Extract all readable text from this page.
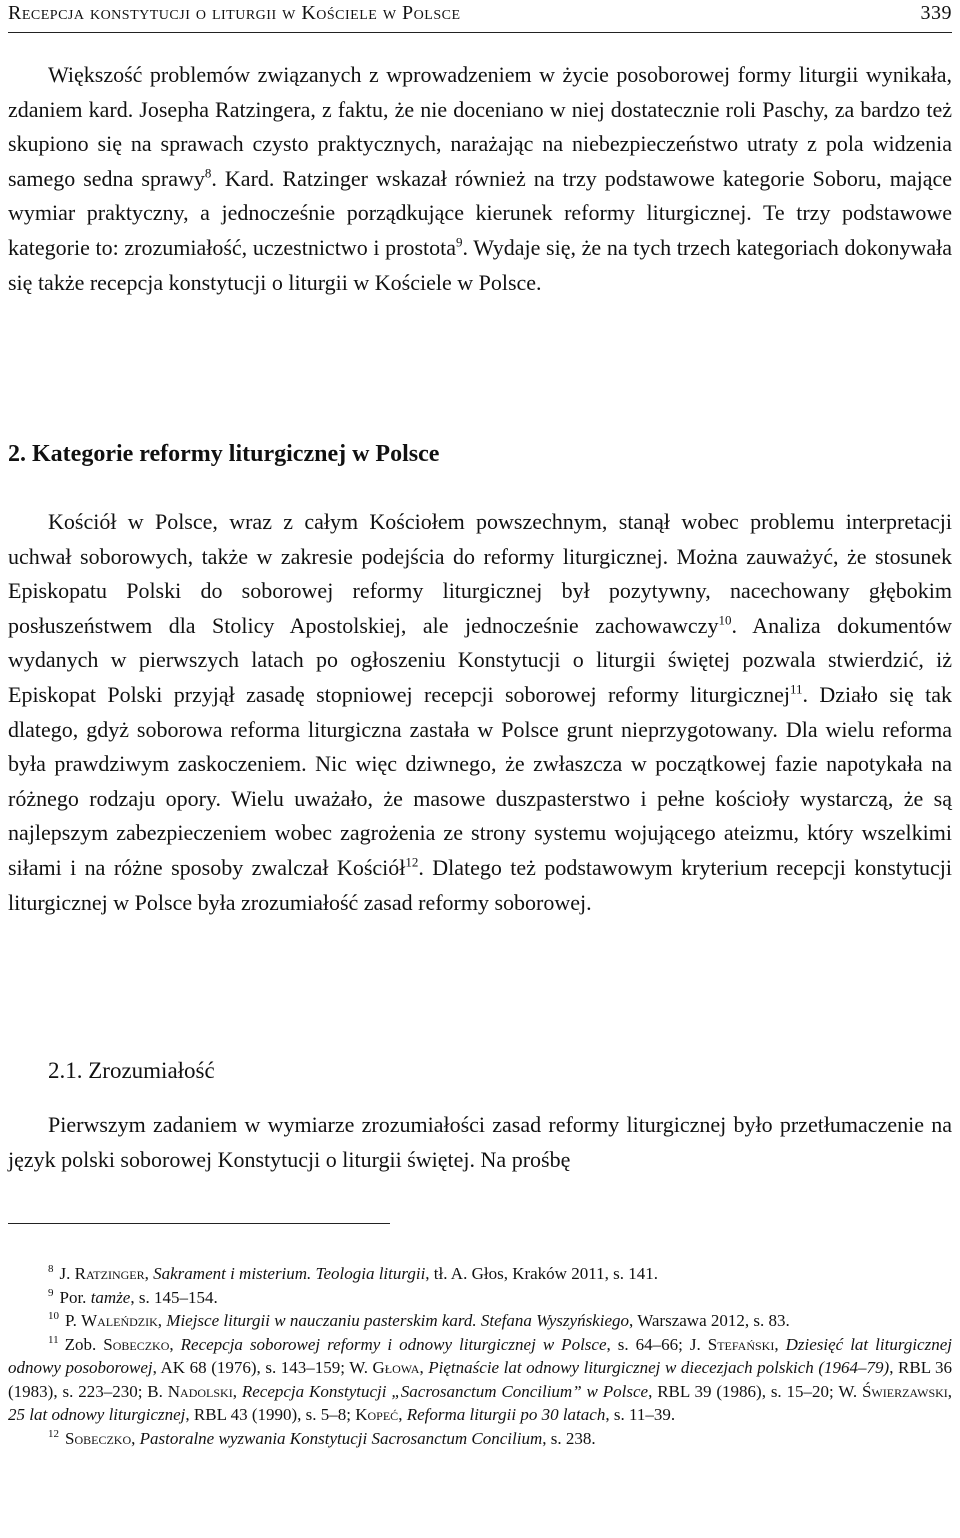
Recepcja konstytucji o liturgii w Kościele w Polsce	339

Większość problemów związanych z wprowadzeniem w życie posoborowej formy liturgii wynikała, zdaniem kard. Josepha Ratzingera, z faktu, że nie doceniano w niej dostatecznie roli Paschy, za bardzo też skupiono się na sprawach czysto praktycznych, narażając na niebezpieczeństwo utraty z pola widzenia samego sedna sprawy$^8$. Kard. Ratzinger wskazał również na trzy podstawowe kategorie Soboru, mające wymiar praktyczny, a jednocześnie porządkujące kierunek reformy liturgicznej. Te trzy podstawowe kategorie to: zrozumiałość, uczestnictwo i prostota$^9$. Wydaje się, że na tych trzech kategoriach dokonywała się także recepcja konstytucji o liturgii w Kościele w Polsce.

2. Kategorie reformy liturgicznej w Polsce

Kościół w Polsce, wraz z całym Kościołem powszechnym, stanął wobec problemu interpretacji uchwał soborowych, także w zakresie podejścia do reformy liturgicznej. Można zauważyć, że stosunek Episkopatu Polski do soborowej reformy liturgicznej był pozytywny, nacechowany głębokim posłuszeństwem dla Stolicy Apostolskiej, ale jednocześnie zachowawczy$^{10}$. Analiza dokumentów wydanych w pierwszych latach po ogłoszeniu Konstytucji o liturgii świętej pozwala stwierdzić, iż Episkopat Polski przyjął zasadę stopniowej recepcji soborowej reformy liturgicznej$^{11}$. Działo się tak dlatego, gdyż soborowa reforma liturgiczna zastała w Polsce grunt nieprzygotowany. Dla wielu reforma była prawdziwym zaskoczeniem. Nic więc dziwnego, że zwłaszcza w początkowej fazie napotykała na różnego rodzaju opory. Wielu uważało, że masowe duszpasterstwo i pełne kościoły wystarczą, że są najlepszym zabezpieczeniem wobec zagrożenia ze strony systemu wojującego ateizmu, który wszelkimi siłami i na różne sposoby zwalczał Kościół$^{12}$. Dlatego też podstawowym kryterium recepcji konstytucji liturgicznej w Polsce była zrozumiałość zasad reformy soborowej.

2.1. Zrozumiałość

Pierwszym zadaniem w wymiarze zrozumiałości zasad reformy liturgicznej było przetłumaczenie na język polski soborowej Konstytucji o liturgii świętej. Na prośbę

$^8$ J. Ratzinger, Sakrament i misterium. Teologia liturgii, tł. A. Głos, Kraków 2011, s. 141.

$^9$ Por. tamże, s. 145–154.

$^{10}$ P. Waleńdzik, Miejsce liturgii w nauczaniu pasterskim kard. Stefana Wyszyńskiego, Warszawa 2012, s. 83.

$^{11}$ Zob. Sobeczko, Recepcja soborowej reformy i odnowy liturgicznej w Polsce, s. 64–66; J. Stefański, Dziesięć lat liturgicznej odnowy posoborowej, AK 68 (1976), s. 143–159; W. Głowa, Piętnaście lat odnowy liturgicznej w diecezjach polskich (1964–79), RBL 36 (1983), s. 223–230; B. Nadolski, Recepcja Konstytucji „Sacrosanctum Concilium” w Polsce, RBL 39 (1986), s. 15–20; W. Świerzawski, 25 lat odnowy liturgicznej, RBL 43 (1990), s. 5–8; Kopeć, Reforma liturgii po 30 latach, s. 11–39.

$^{12}$ Sobeczko, Pastoralne wyzwania Konstytucji Sacrosanctum Concilium, s. 238.
